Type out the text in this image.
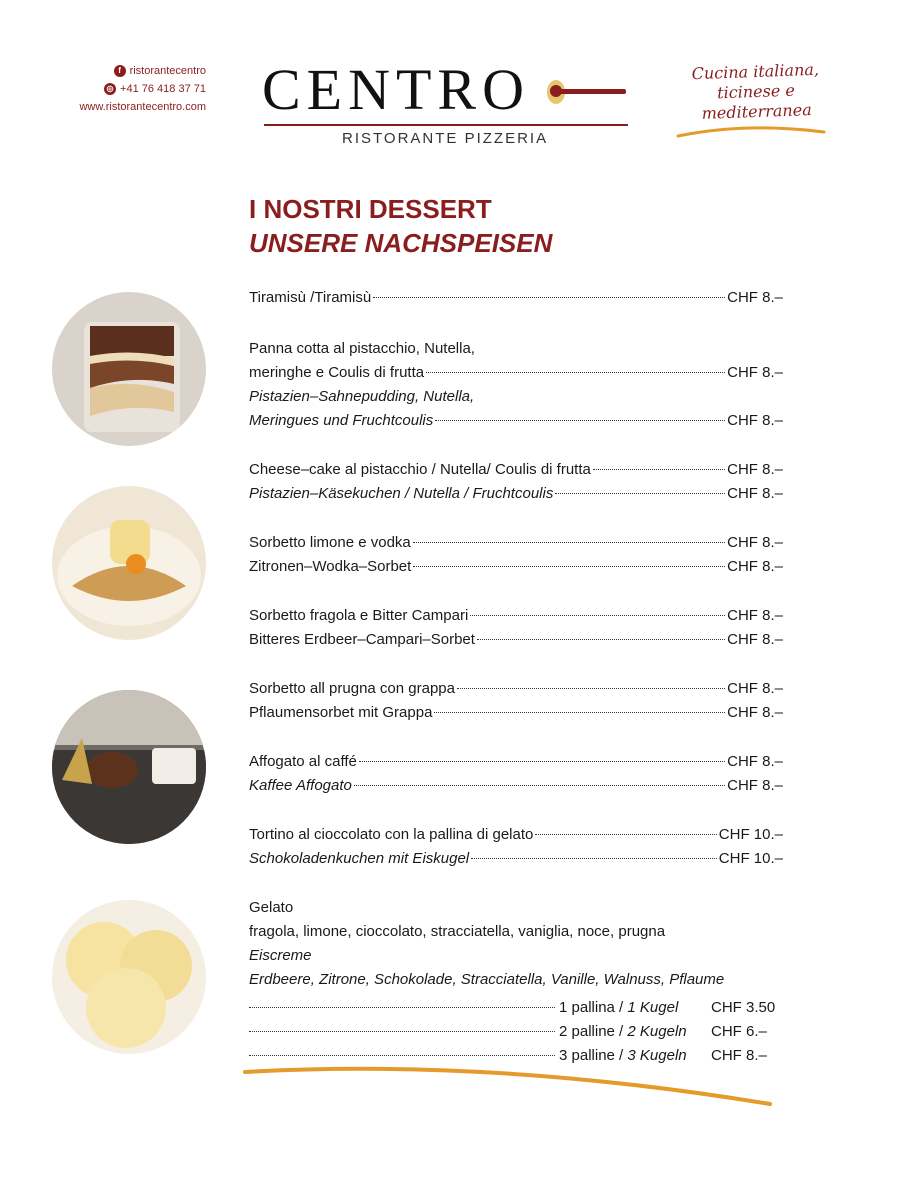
f ristorantecentro
◎ +41 76 418 37 71
www.ristorantecentro.com CENTRO
RISTORANTE PIZZERIA
Cucina italiana,
ticinese e
mediterranea
I NOSTRI DESSERT
UNSERE NACHSPEISEN
Tiramisù /Tiramisù	CHF 8.–
Panna cotta al pistacchio, Nutella,
meringhe e Coulis di frutta	CHF 8.–
Pistazien–Sahnepudding, Nutella,
Meringues und Fruchtcoulis	CHF 8.–
Cheese–cake al pistacchio / Nutella/ Coulis di frutta	CHF 8.–
Pistazien–Käsekuchen / Nutella / Fruchtcoulis	CHF 8.–
Sorbetto limone e vodka	CHF 8.–
Zitronen–Wodka–Sorbet	CHF 8.–
Sorbetto fragola e Bitter Campari	CHF 8.–
Bitteres Erdbeer–Campari–Sorbet	CHF 8.–
Sorbetto all prugna con grappa	CHF 8.–
Pflaumensorbet mit Grappa	CHF 8.–
Affogato al caffé	CHF 8.–
Kaffee Affogato	CHF 8.–
Tortino al cioccolato con la pallina di gelato	CHF 10.–
Schokoladenkuchen mit Eiskugel	CHF 10.–
Gelato
fragola, limone, cioccolato, stracciatella, vaniglia, noce, prugna
Eiscreme
Erdbeere, Zitrone, Schokolade, Stracciatella, Vanille, Walnuss, Pflaume
1 pallina / 1 Kugel	CHF 3.50
2 palline / 2 Kugeln	CHF 6.–
3 palline / 3 Kugeln	CHF 8.–
